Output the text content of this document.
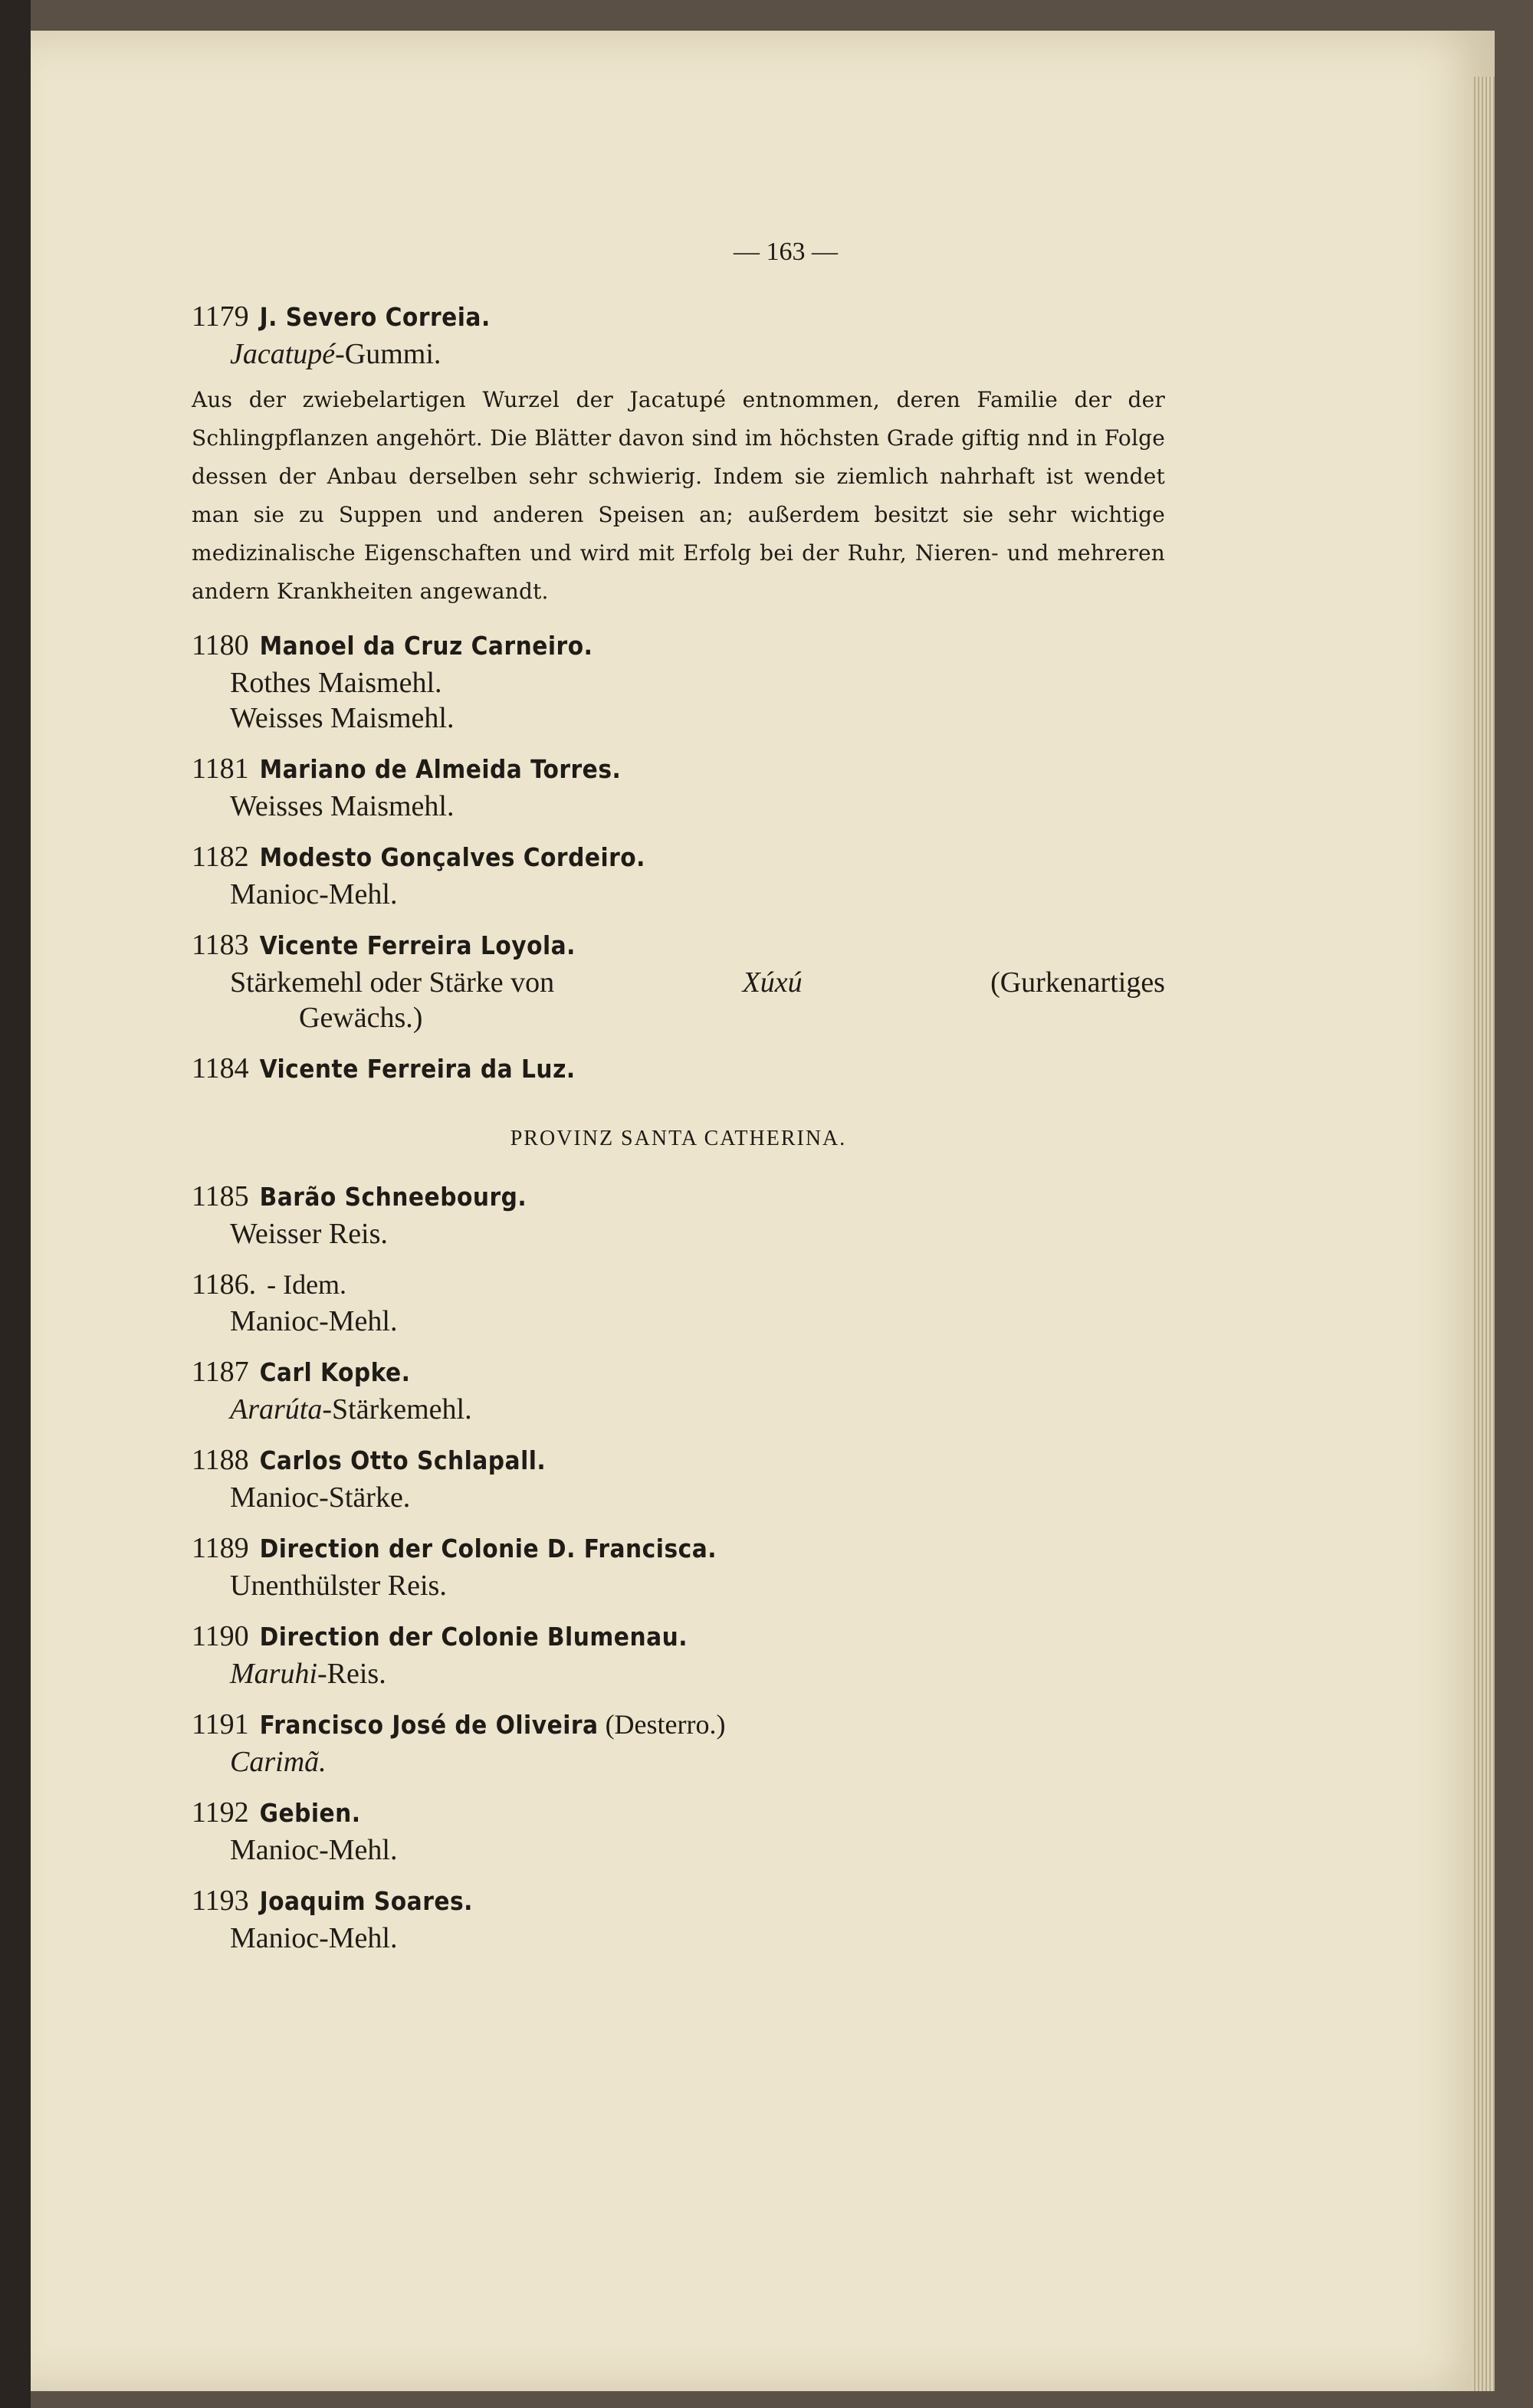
— 163 —
1179 J. Severo Correia.
Jacatupé-Gummi.
Aus der zwiebelartigen Wurzel der Jacatupé entnommen, deren Familie der der Schlingpflanzen angehört. Die Blätter davon sind im höchsten Grade giftig nnd in Folge dessen der Anbau derselben sehr schwierig. Indem sie ziemlich nahrhaft ist wendet man sie zu Suppen und anderen Speisen an; außerdem besitzt sie sehr wichtige medizinalische Eigenschaften und wird mit Erfolg bei der Ruhr, Nieren- und mehreren andern Krankheiten angewandt.
1180 Manoel da Cruz Carneiro.
Rothes Maismehl.
Weisses Maismehl.
1181 Mariano de Almeida Torres.
Weisses Maismehl.
1182 Modesto Gonçalves Cordeiro.
Manioc-Mehl.
1183 Vicente Ferreira Loyola.
Stärkemehl oder Stärke von	Xúxú	(Gurkenartiges
Gewächs.)
1184 Vicente Ferreira da Luz.
PROVINZ SANTA CATHERINA.
1185 Barão Schneebourg.
Weisser Reis.
1186. - Idem.
Manioc-Mehl.
1187 Carl Kopke.
Ararúta-Stärkemehl.
1188 Carlos Otto Schlapall.
Manioc-Stärke.
1189 Direction der Colonie D. Francisca.
Unenthülster Reis.
1190 Direction der Colonie Blumenau.
Maruhi-Reis.
1191 Francisco José de Oliveira (Desterro.)
Carimã.
1192 Gebien.
Manioc-Mehl.
1193 Joaquim Soares.
Manioc-Mehl.
